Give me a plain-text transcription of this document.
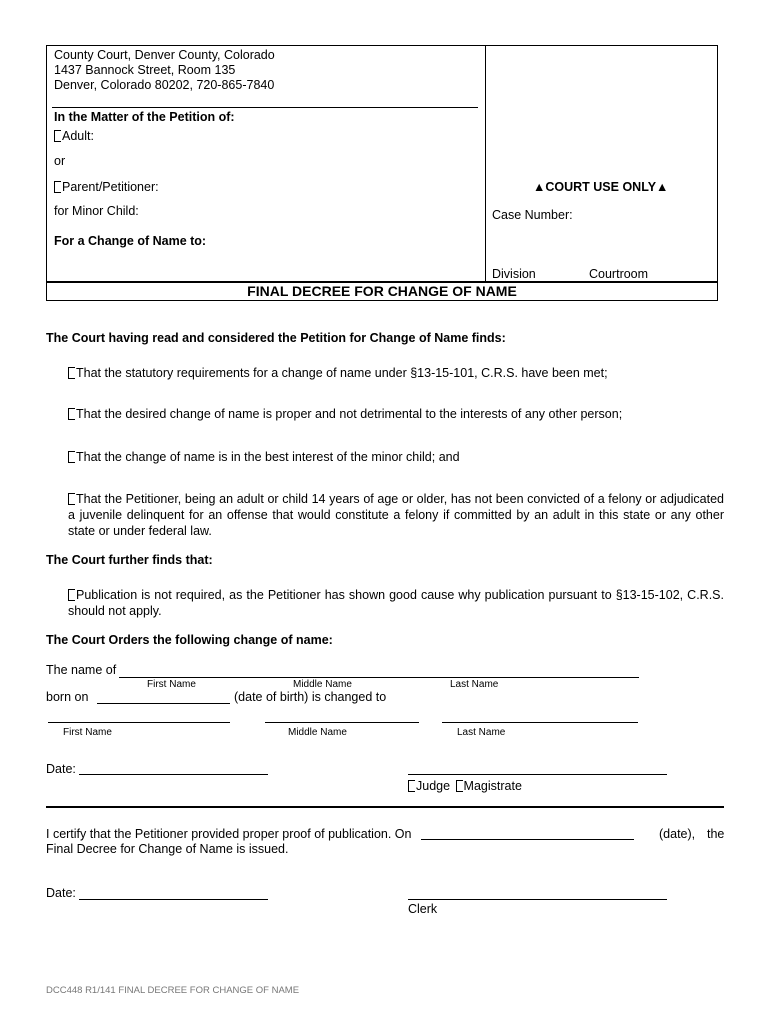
County Court, Denver County, Colorado
1437 Bannock Street, Room 135
Denver, Colorado 80202, 720-865-7840
In the Matter of the Petition of:
Adult:
or
Parent/Petitioner:
for Minor Child:
For a Change of Name to:
▲COURT USE ONLY▲
Case Number:
Division	Courtroom
FINAL DECREE FOR CHANGE OF NAME
The Court having read and considered the Petition for Change of Name finds:
That the statutory requirements for a change of name under §13-15-101, C.R.S. have been met;
That the desired change of name is proper and not detrimental to the interests of any other person;
That the change of name is in the best interest of the minor child; and
That the Petitioner, being an adult or child 14 years of age or older, has not been convicted of a felony or adjudicated a juvenile delinquent for an offense that would constitute a felony if committed by an adult in this state or any other state or under federal law.
The Court further finds that:
Publication is not required, as the Petitioner has shown good cause why publication pursuant to §13-15-102, C.R.S. should not apply.
The Court Orders the following change of name:
The name of
First Name	Middle Name	Last Name
born on	(date of birth) is changed to
First Name	Middle Name	Last Name
Date:
Judge Magistrate
I certify that the Petitioner provided proper proof of publication. On	(date), the
Final Decree for Change of Name is issued.
Date:
Clerk
DCC448 R1/141 FINAL DECREE FOR CHANGE OF NAME
